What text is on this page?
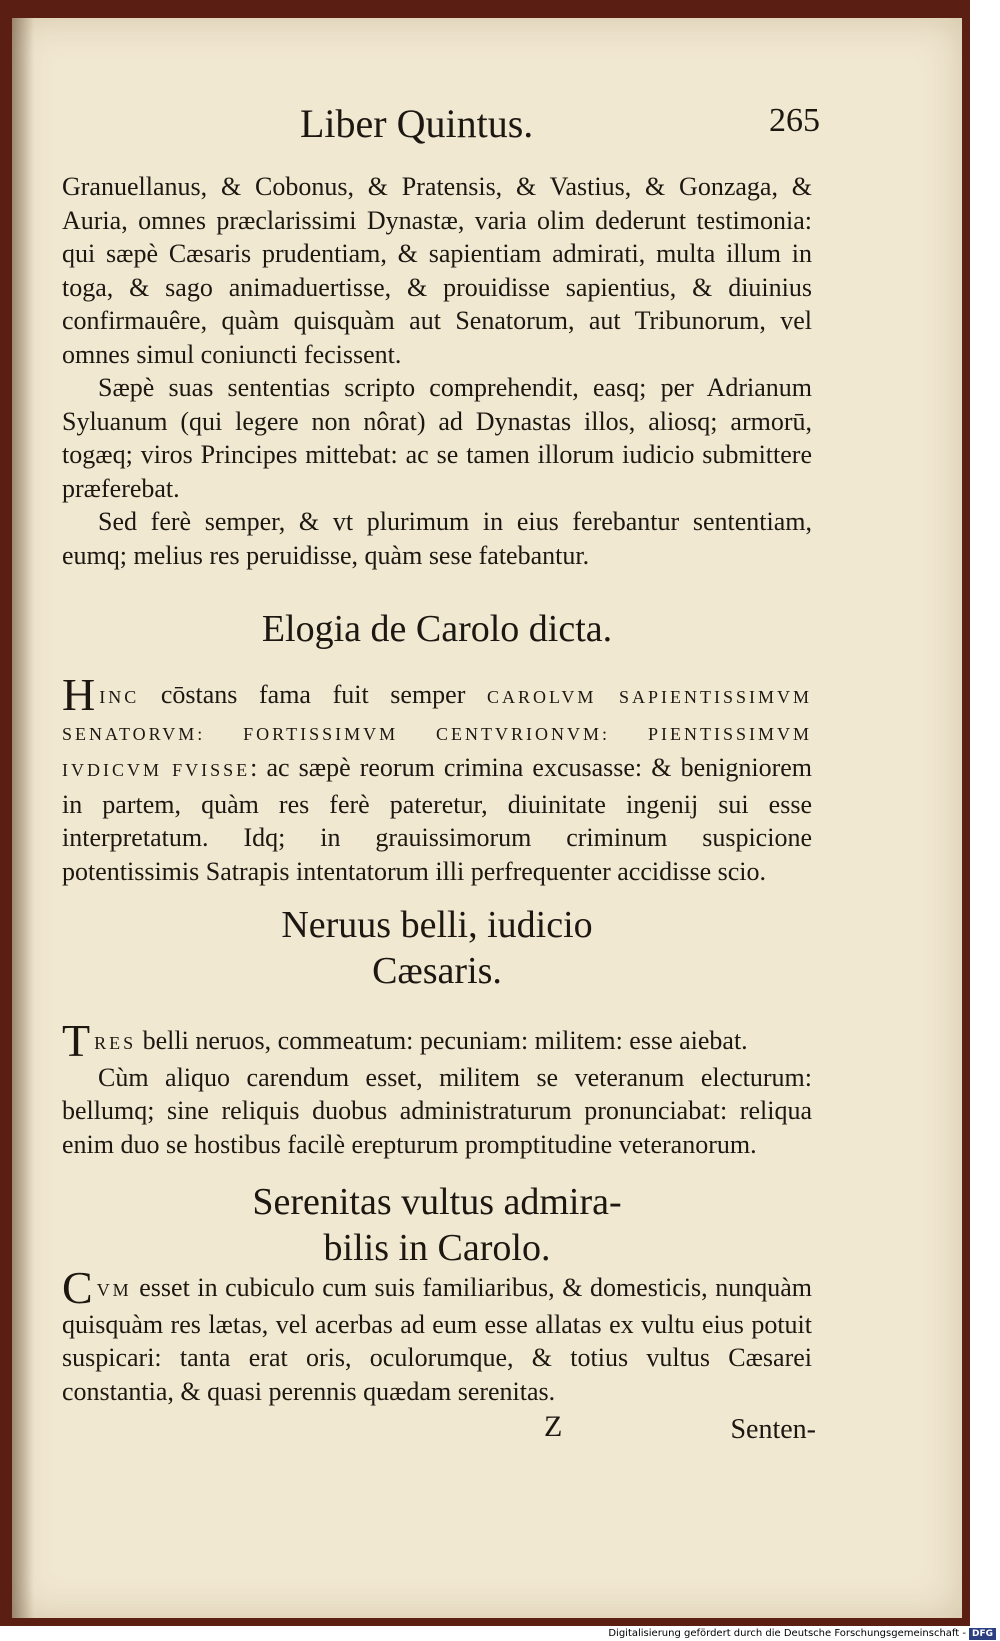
Liber Quintus.	265

Granuellanus, & Cobonus, & Pratensis, & Vastius, & Gonzaga, & Auria, omnes præclarissimi Dynastæ, varia olim dederunt testimonia: qui sæpè Cæsaris prudentiam, & sapientiam admirati, multa illum in toga, & sago animaduertisse, & prouidisse sapientius, & diuinius confirmauêre, quàm quisquàm aut Senatorum, aut Tribunorum, vel omnes simul coniuncti fecissent.

Sæpè suas sententias scripto comprehendit, easq; per Adrianum Syluanum (qui legere non nôrat) ad Dynastas illos, aliosq; armorū, togæq; viros Principes mittebat: ac se tamen illorum iudicio submittere præferebat.

Sed ferè semper, & vt plurimum in eius ferebantur sententiam, eumq; melius res peruidisse, quàm sese fatebantur.

Elogia de Carolo dicta.

HINC cōstans fama fuit semper CAROLVM SAPIENTISSIMVM SENATORVM: FORTISSIMVM CENTVRIONVM: PIENTISSIMVM IVDICVM FVISSE: ac sæpè reorum crimina excusasse: & benigniorem in partem, quàm res ferè pateretur, diuinitate ingenij sui esse interpretatum. Idq; in grauissimorum criminum suspicione potentissimis Satrapis intentatorum illi perfrequenter accidisse scio.

Neruus belli, iudicio
Cæsaris.

TRES belli neruos, commeatum: pecuniam: militem: esse aiebat.

Cùm aliquo carendum esset, militem se veteranum electurum: bellumq; sine reliquis duobus administraturum pronunciabat: reliqua enim duo se hostibus facilè erepturum promptitudine veteranorum.

Serenitas vultus admira-
bilis in Carolo.

CVM esset in cubiculo cum suis familiaribus, & domesticis, nunquàm quisquàm res lætas, vel acerbas ad eum esse allatas ex vultu eius potuit suspicari: tanta erat oris, oculorumque, & totius vultus Cæsarei constantia, & quasi perennis quædam serenitas.

Z	Senten-
Digitalisierung gefördert durch die Deutsche Forschungsgemeinschaft - DFG
